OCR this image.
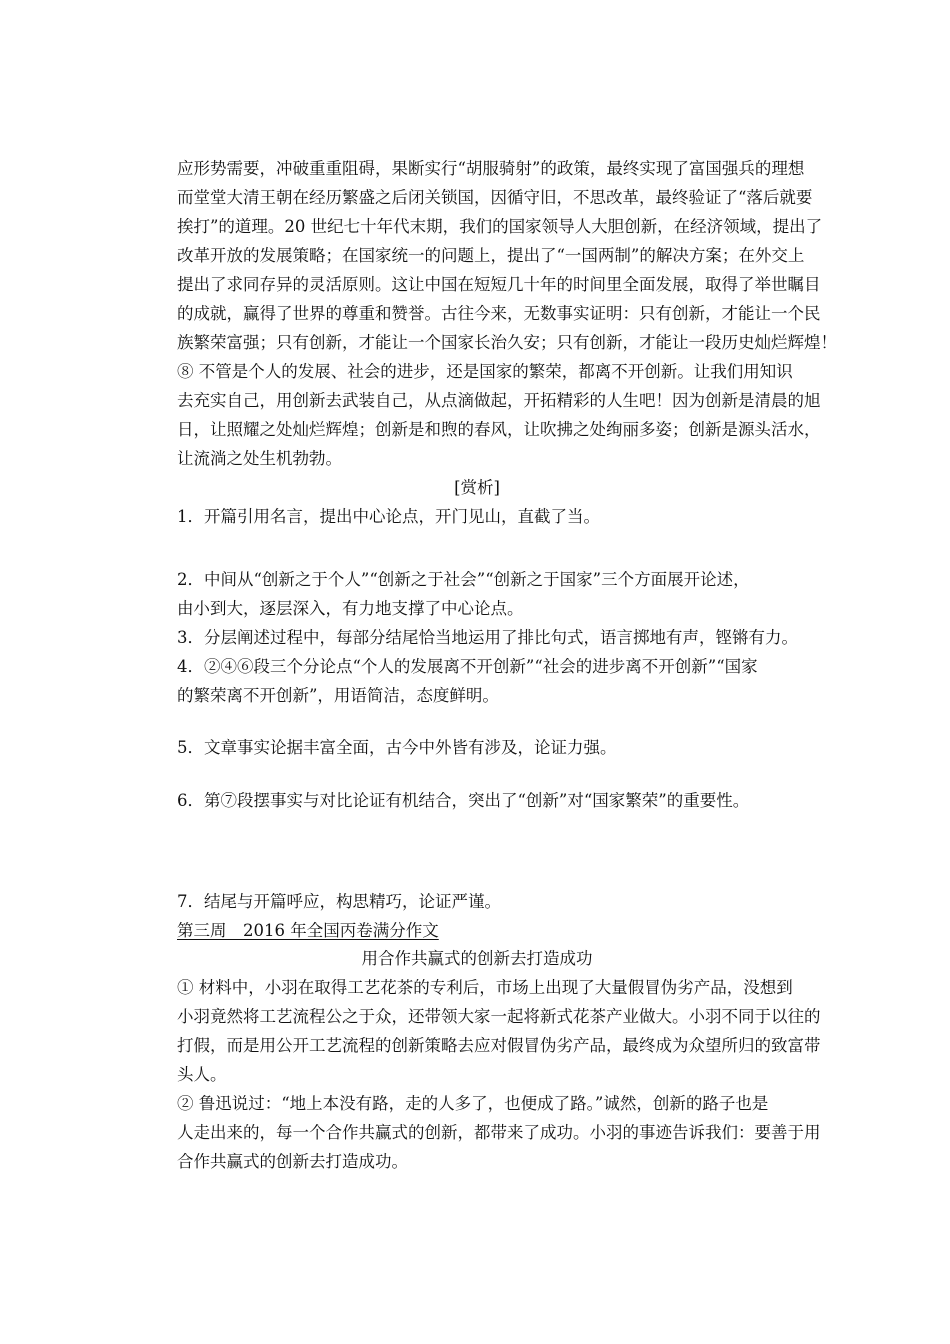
应形势需要，冲破重重阻碍，果断实行“胡服骑射”的政策，最终实现了富国强兵的理想
而堂堂大清王朝在经历繁盛之后闭关锁国，因循守旧，不思改革，最终验证了“落后就要
挨打”的道理。20 世纪七十年代末期，我们的国家领导人大胆创新，在经济领域，提出了
改革开放的发展策略；在国家统一的问题上，提出了“一国两制”的解决方案；在外交上
提出了求同存异的灵活原则。这让中国在短短几十年的时间里全面发展，取得了举世瞩目
的成就，赢得了世界的尊重和赞誉。古往今来，无数事实证明：只有创新，才能让一个民
族繁荣富强；只有创新，才能让一个国家长治久安；只有创新，才能让一段历史灿烂辉煌！
⑧ 不管是个人的发展、社会的进步，还是国家的繁荣，都离不开创新。让我们用知识
去充实自己，用创新去武装自己，从点滴做起，开拓精彩的人生吧！因为创新是清晨的旭
日，让照耀之处灿烂辉煌；创新是和煦的春风，让吹拂之处绚丽多姿；创新是源头活水，
让流淌之处生机勃勃。
[赏析]
1．开篇引用名言，提出中心论点，开门见山，直截了当。
2．中间从“创新之于个人”“创新之于社会”“创新之于国家”三个方面展开论述，
由小到大，逐层深入，有力地支撑了中心论点。
3．分层阐述过程中，每部分结尾恰当地运用了排比句式，语言掷地有声，铿锵有力。
4．②④⑥段三个分论点“个人的发展离不开创新”“社会的进步离不开创新”“国家
的繁荣离不开创新”，用语简洁，态度鲜明。
5．文章事实论据丰富全面，古今中外皆有涉及，论证力强。
6．第⑦段摆事实与对比论证有机结合，突出了“创新”对“国家繁荣”的重要性。
7．结尾与开篇呼应，构思精巧，论证严谨。
第三周　2016 年全国丙卷满分作文
用合作共赢式的创新去打造成功
① 材料中，小羽在取得工艺花茶的专利后，市场上出现了大量假冒伪劣产品，没想到
小羽竟然将工艺流程公之于众，还带领大家一起将新式花茶产业做大。小羽不同于以往的
打假，而是用公开工艺流程的创新策略去应对假冒伪劣产品，最终成为众望所归的致富带
头人。
② 鲁迅说过：“地上本没有路，走的人多了，也便成了路。”诚然，创新的路子也是
人走出来的，每一个合作共赢式的创新，都带来了成功。小羽的事迹告诉我们：要善于用
合作共赢式的创新去打造成功。
